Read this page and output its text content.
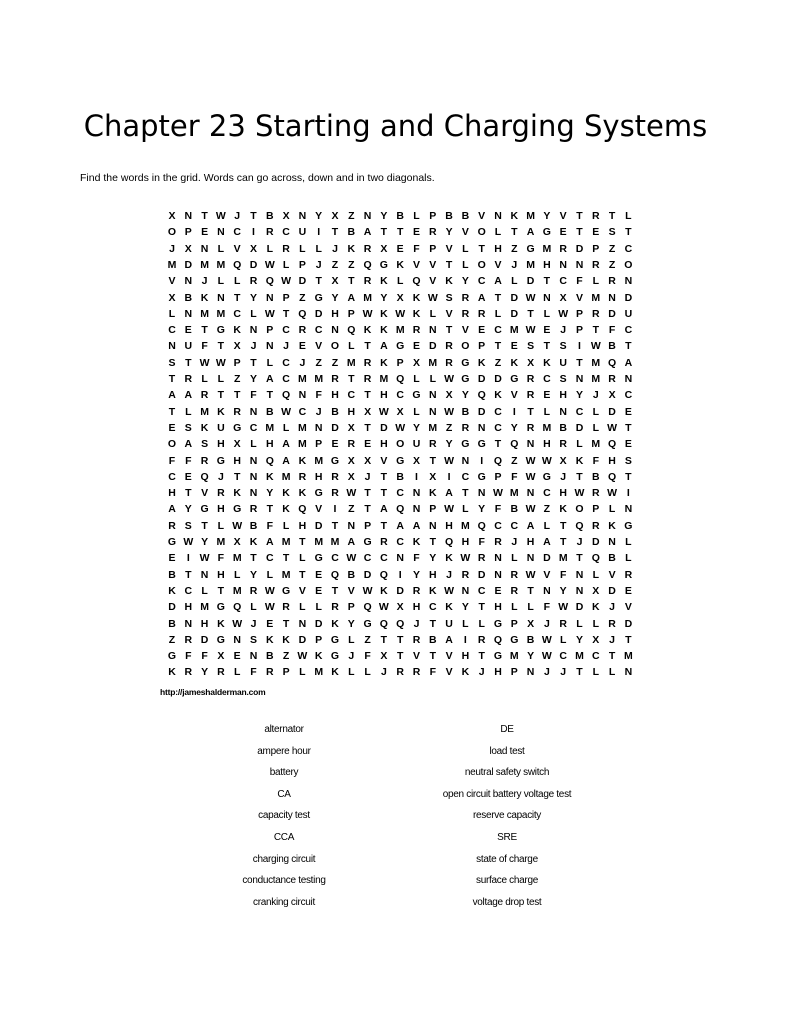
Chapter 23 Starting and Charging Systems
Find the words in the grid. Words can go across, down and in two diagonals.
X N T W J T B X N Y X Z N Y B L P B B V N K M Y V T R T L
O P E N C	I	R C U	I	T B A T T E R Y V O L T A G E T E S T
J X N L V X L R L L J K R X E F P V L T H Z G M R D P Z C
M D M M Q D W L P J Z Z Q G K V V T L O V J M H N N R Z O
V N J L L R Q W D T X T R K L Q V K Y C A L D T C F L R N
X B K N T Y N P Z G Y A M Y X K W S R A T D W N X V M N D
L N M M C L W T Q D H P W K W K L V R R L D T L W P R D U
C E T G K N P C R C N Q K K M R N T V E C M W E J P T F C
N U F T X J N J E V O L T A G E D R O P T E S T S	I W B T
S T W W P T L C J Z Z M R K P X M R G K Z K X K U T M Q A
T R L L Z Y A C M M R T R M Q L L W G D D G R C S N M R N
A A R T T F T Q N F H C T H C G N X Y Q K V R E H Y J X C
T L M K R N B W C J B H X W X L N W B D C	I	T L N C L D E
E S K U G C M L M N D X T D W Y M Z R N C Y R M B D L W T
O A S H X L H A M P E R E H O U R Y G G T Q N H R L M Q E
F F R G H N Q A K M G X X V G X T W N	I	Q Z W W X K F H S
C E Q J T N K M R H R X J T B	I	X	I	C G P F W G J T B Q T
H T V R K N Y K K G R W T T C N K A T N W M N C H W R W I
A Y G H G R T K Q V	I	Z T A Q N P W L Y F B W Z K O P L N
R S T L W B F L H D T N P T A A N H M Q C C A L T Q R K G
G W Y M X K A M T M M A G R C K T Q H F R J H A T J D N L
E	I W F M T C T L G C W C C N F Y K W R N L N D M T Q B L
B T N H L Y L M T E Q B D Q	I	Y H J R D N R W V F N L V R
K C L T M R W G V E T V W K D R K W N C E R T N Y N X D E
D H M G Q L W R L L R P Q W X H C K Y T H L L F W D K J V
B N H K W J E T N D K Y G Q Q J T U L L G P X J R L L R D
Z R D G N S K K D P G L Z T T R B A	I	R Q G B W L Y X J T
G F F X E N B Z W K G J F X T V T V H T G M Y W C M C T M
K R Y R L F R P L M K L L J R R F V K J H P N J J T L L N
http://jameshalderman.com
alternator
ampere hour
battery
CA
capacity test
CCA
charging circuit
conductance testing
cranking circuit
DE
load test
neutral safety switch
open circuit battery voltage test
reserve capacity
SRE
state of charge
surface charge
voltage drop test
